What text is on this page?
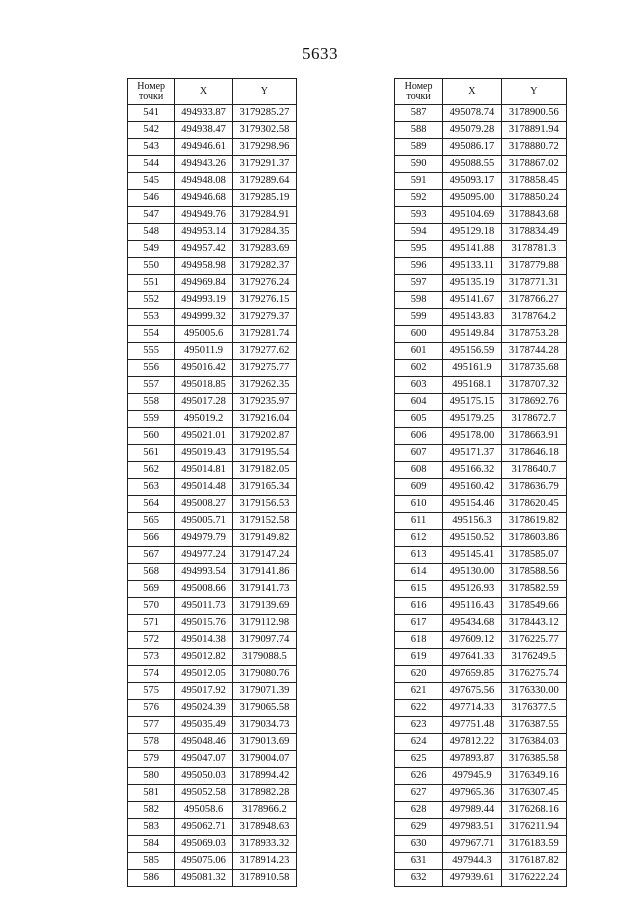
5633
Номер точки	X	Y
541	494933.87	3179285.27
542	494938.47	3179302.58
543	494946.61	3179298.96
544	494943.26	3179291.37
545	494948.08	3179289.64
546	494946.68	3179285.19
547	494949.76	3179284.91
548	494953.14	3179284.35
549	494957.42	3179283.69
550	494958.98	3179282.37
551	494969.84	3179276.24
552	494993.19	3179276.15
553	494999.32	3179279.37
554	495005.6	3179281.74
555	495011.9	3179277.62
556	495016.42	3179275.77
557	495018.85	3179262.35
558	495017.28	3179235.97
559	495019.2	3179216.04
560	495021.01	3179202.87
561	495019.43	3179195.54
562	495014.81	3179182.05
563	495014.48	3179165.34
564	495008.27	3179156.53
565	495005.71	3179152.58
566	494979.79	3179149.82
567	494977.24	3179147.24
568	494993.54	3179141.86
569	495008.66	3179141.73
570	495011.73	3179139.69
571	495015.76	3179112.98
572	495014.38	3179097.74
573	495012.82	3179088.5
574	495012.05	3179080.76
575	495017.92	3179071.39
576	495024.39	3179065.58
577	495035.49	3179034.73
578	495048.46	3179013.69
579	495047.07	3179004.07
580	495050.03	3178994.42
581	495052.58	3178982.28
582	495058.6	3178966.2
583	495062.71	3178948.63
584	495069.03	3178933.32
585	495075.06	3178914.23
586	495081.32	3178910.58
Номер точки	X	Y
587	495078.74	3178900.56
588	495079.28	3178891.94
589	495086.17	3178880.72
590	495088.55	3178867.02
591	495093.17	3178858.45
592	495095.00	3178850.24
593	495104.69	3178843.68
594	495129.18	3178834.49
595	495141.88	3178781.3
596	495133.11	3178779.88
597	495135.19	3178771.31
598	495141.67	3178766.27
599	495143.83	3178764.2
600	495149.84	3178753.28
601	495156.59	3178744.28
602	495161.9	3178735.68
603	495168.1	3178707.32
604	495175.15	3178692.76
605	495179.25	3178672.7
606	495178.00	3178663.91
607	495171.37	3178646.18
608	495166.32	3178640.7
609	495160.42	3178636.79
610	495154.46	3178620.45
611	495156.3	3178619.82
612	495150.52	3178603.86
613	495145.41	3178585.07
614	495130.00	3178588.56
615	495126.93	3178582.59
616	495116.43	3178549.66
617	495434.68	3178443.12
618	497609.12	3176225.77
619	497641.33	3176249.5
620	497659.85	3176275.74
621	497675.56	3176330.00
622	497714.33	3176377.5
623	497751.48	3176387.55
624	497812.22	3176384.03
625	497893.87	3176385.58
626	497945.9	3176349.16
627	497965.36	3176307.45
628	497989.44	3176268.16
629	497983.51	3176211.94
630	497967.71	3176183.59
631	497944.3	3176187.82
632	497939.61	3176222.24
